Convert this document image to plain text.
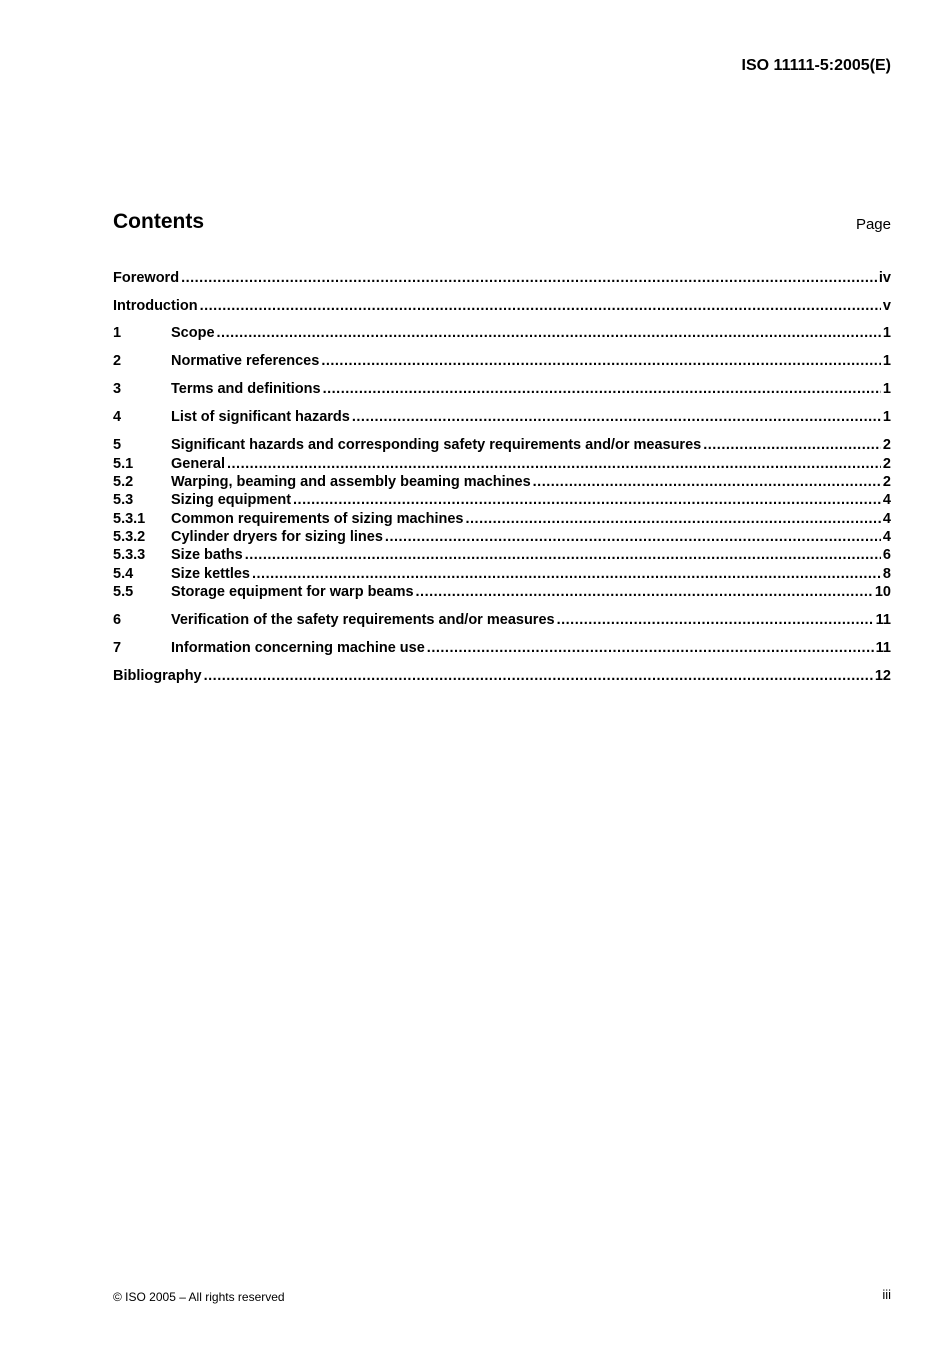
ISO 11111-5:2005(E)
Contents	Page
Foreword .....	iv
Introduction .....	v
1	Scope .....	1
2	Normative references .....	1
3	Terms and definitions .....	1
4	List of significant hazards .....	1
5	Significant hazards and corresponding safety requirements and/or measures .....	2
5.1	General .....	2
5.2	Warping, beaming and assembly beaming machines .....	2
5.3	Sizing equipment .....	4
5.3.1	Common requirements of sizing machines .....	4
5.3.2	Cylinder dryers for sizing lines .....	4
5.3.3	Size baths .....	6
5.4	Size kettles .....	8
5.5	Storage equipment for warp beams .....	10
6	Verification of the safety requirements and/or measures .....	11
7	Information concerning machine use .....	11
Bibliography .....	12
© ISO 2005 – All rights reserved	iii
